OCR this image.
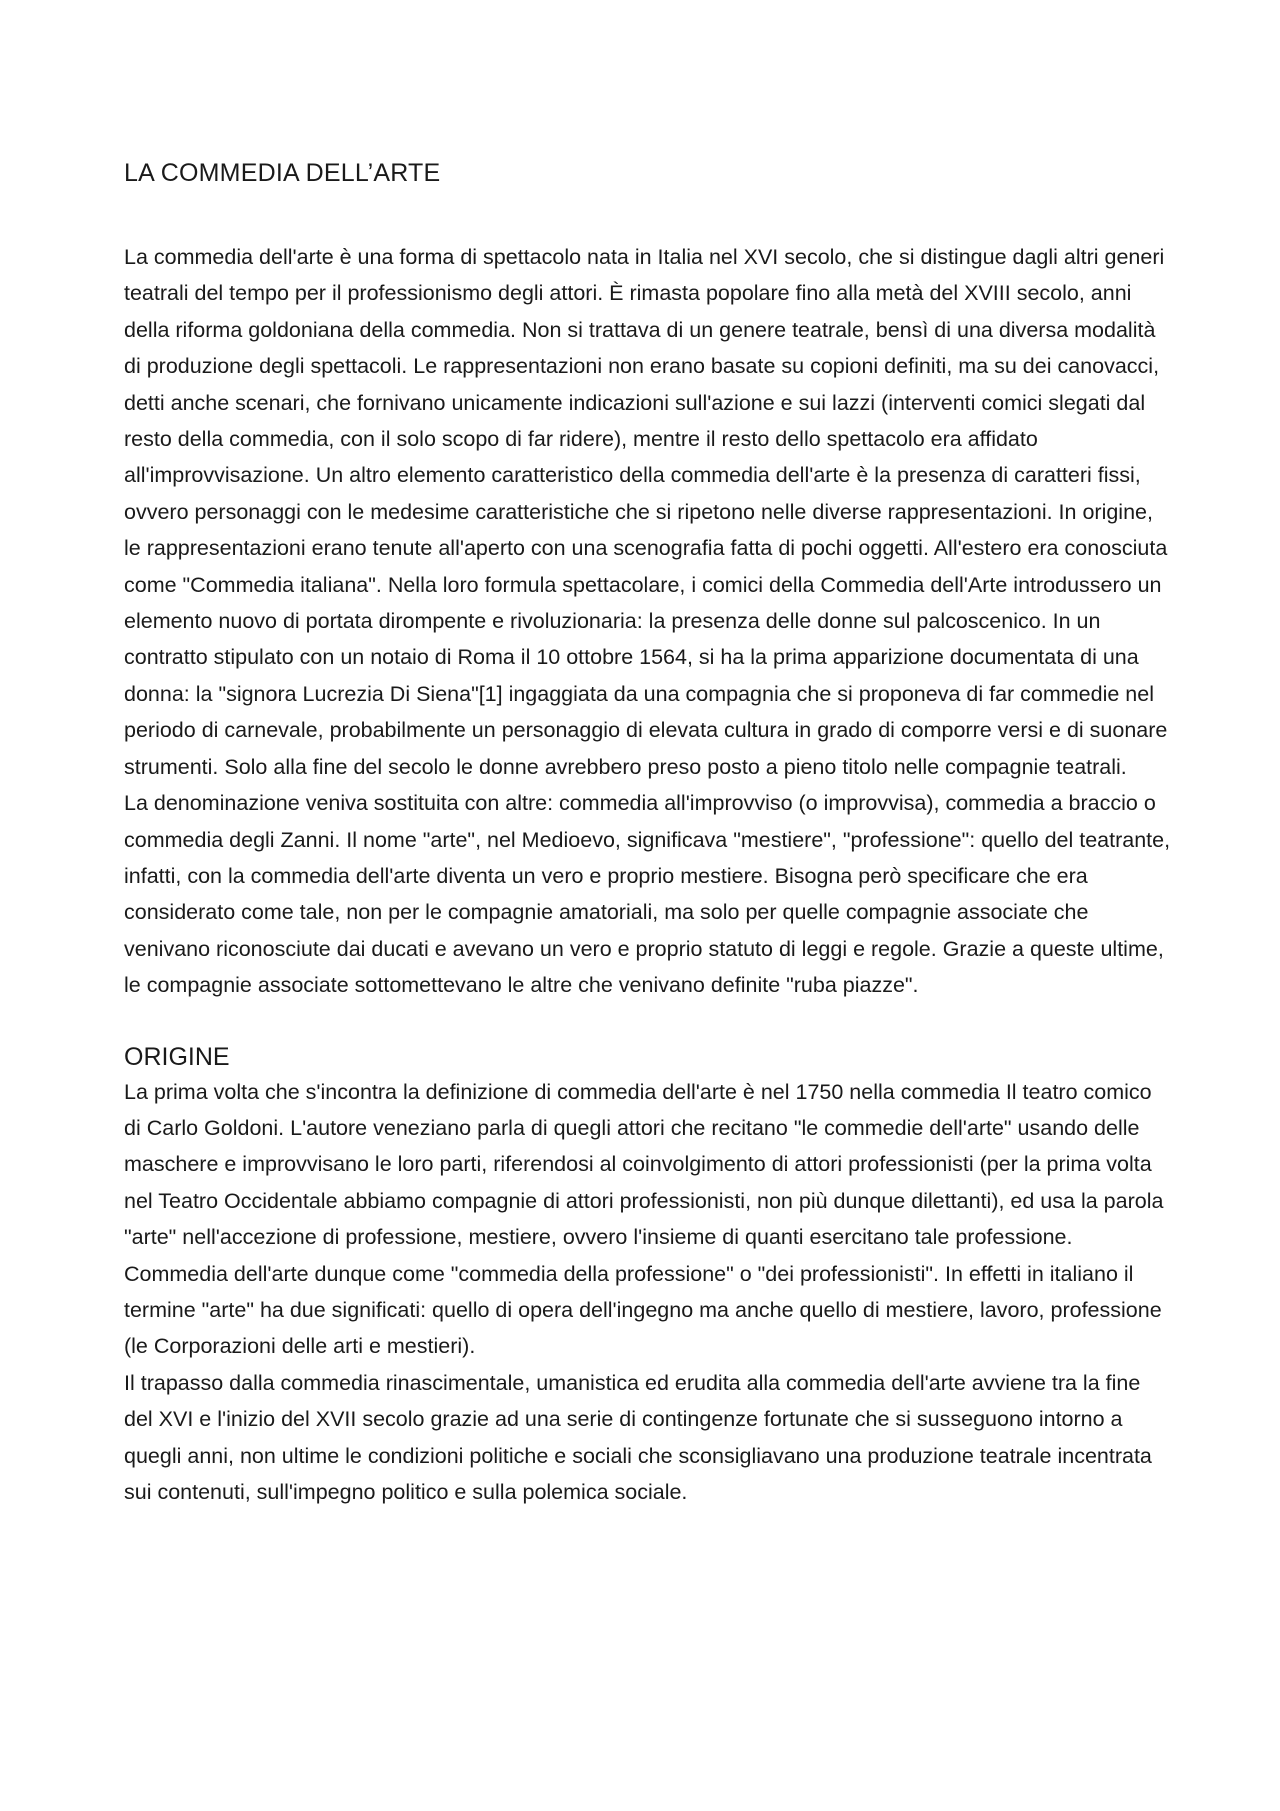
LA COMMEDIA DELL’ARTE

La commedia dell'arte è una forma di spettacolo nata in Italia nel XVI secolo, che si distingue dagli altri generi teatrali del tempo per il professionismo degli attori. È rimasta popolare fino alla metà del XVIII secolo, anni della riforma goldoniana della commedia. Non si trattava di un genere teatrale, bensì di una diversa modalità di produzione degli spettacoli. Le rappresentazioni non erano basate su copioni definiti, ma su dei canovacci, detti anche scenari, che fornivano unicamente indicazioni sull'azione e sui lazzi (interventi comici slegati dal resto della commedia, con il solo scopo di far ridere), mentre il resto dello spettacolo era affidato all'improvvisazione. Un altro elemento caratteristico della commedia dell'arte è la presenza di caratteri fissi, ovvero personaggi con le medesime caratteristiche che si ripetono nelle diverse rappresentazioni. In origine, le rappresentazioni erano tenute all'aperto con una scenografia fatta di pochi oggetti. All'estero era conosciuta come "Commedia italiana". Nella loro formula spettacolare, i comici della Commedia dell'Arte introdussero un elemento nuovo di portata dirompente e rivoluzionaria: la presenza delle donne sul palcoscenico. In un contratto stipulato con un notaio di Roma il 10 ottobre 1564, si ha la prima apparizione documentata di una donna: la "signora Lucrezia Di Siena"[1] ingaggiata da una compagnia che si proponeva di far commedie nel periodo di carnevale, probabilmente un personaggio di elevata cultura in grado di comporre versi e di suonare strumenti. Solo alla fine del secolo le donne avrebbero preso posto a pieno titolo nelle compagnie teatrali.

La denominazione veniva sostituita con altre: commedia all'improvviso (o improvvisa), commedia a braccio o commedia degli Zanni. Il nome "arte", nel Medioevo, significava "mestiere", "professione": quello del teatrante, infatti, con la commedia dell'arte diventa un vero e proprio mestiere. Bisogna però specificare che era considerato come tale, non per le compagnie amatoriali, ma solo per quelle compagnie associate che venivano riconosciute dai ducati e avevano un vero e proprio statuto di leggi e regole. Grazie a queste ultime, le compagnie associate sottomettevano le altre che venivano definite "ruba piazze".

ORIGINE

La prima volta che s'incontra la definizione di commedia dell'arte è nel 1750 nella commedia Il teatro comico di Carlo Goldoni. L'autore veneziano parla di quegli attori che recitano "le commedie dell'arte" usando delle maschere e improvvisano le loro parti, riferendosi al coinvolgimento di attori professionisti (per la prima volta nel Teatro Occidentale abbiamo compagnie di attori professionisti, non più dunque dilettanti), ed usa la parola "arte" nell'accezione di professione, mestiere, ovvero l'insieme di quanti esercitano tale professione. Commedia dell'arte dunque come "commedia della professione" o "dei professionisti". In effetti in italiano il termine "arte" ha due significati: quello di opera dell'ingegno ma anche quello di mestiere, lavoro, professione (le Corporazioni delle arti e mestieri).

Il trapasso dalla commedia rinascimentale, umanistica ed erudita alla commedia dell'arte avviene tra la fine del XVI e l'inizio del XVII secolo grazie ad una serie di contingenze fortunate che si susseguono intorno a quegli anni, non ultime le condizioni politiche e sociali che sconsigliavano una produzione teatrale incentrata sui contenuti, sull'impegno politico e sulla polemica sociale.
